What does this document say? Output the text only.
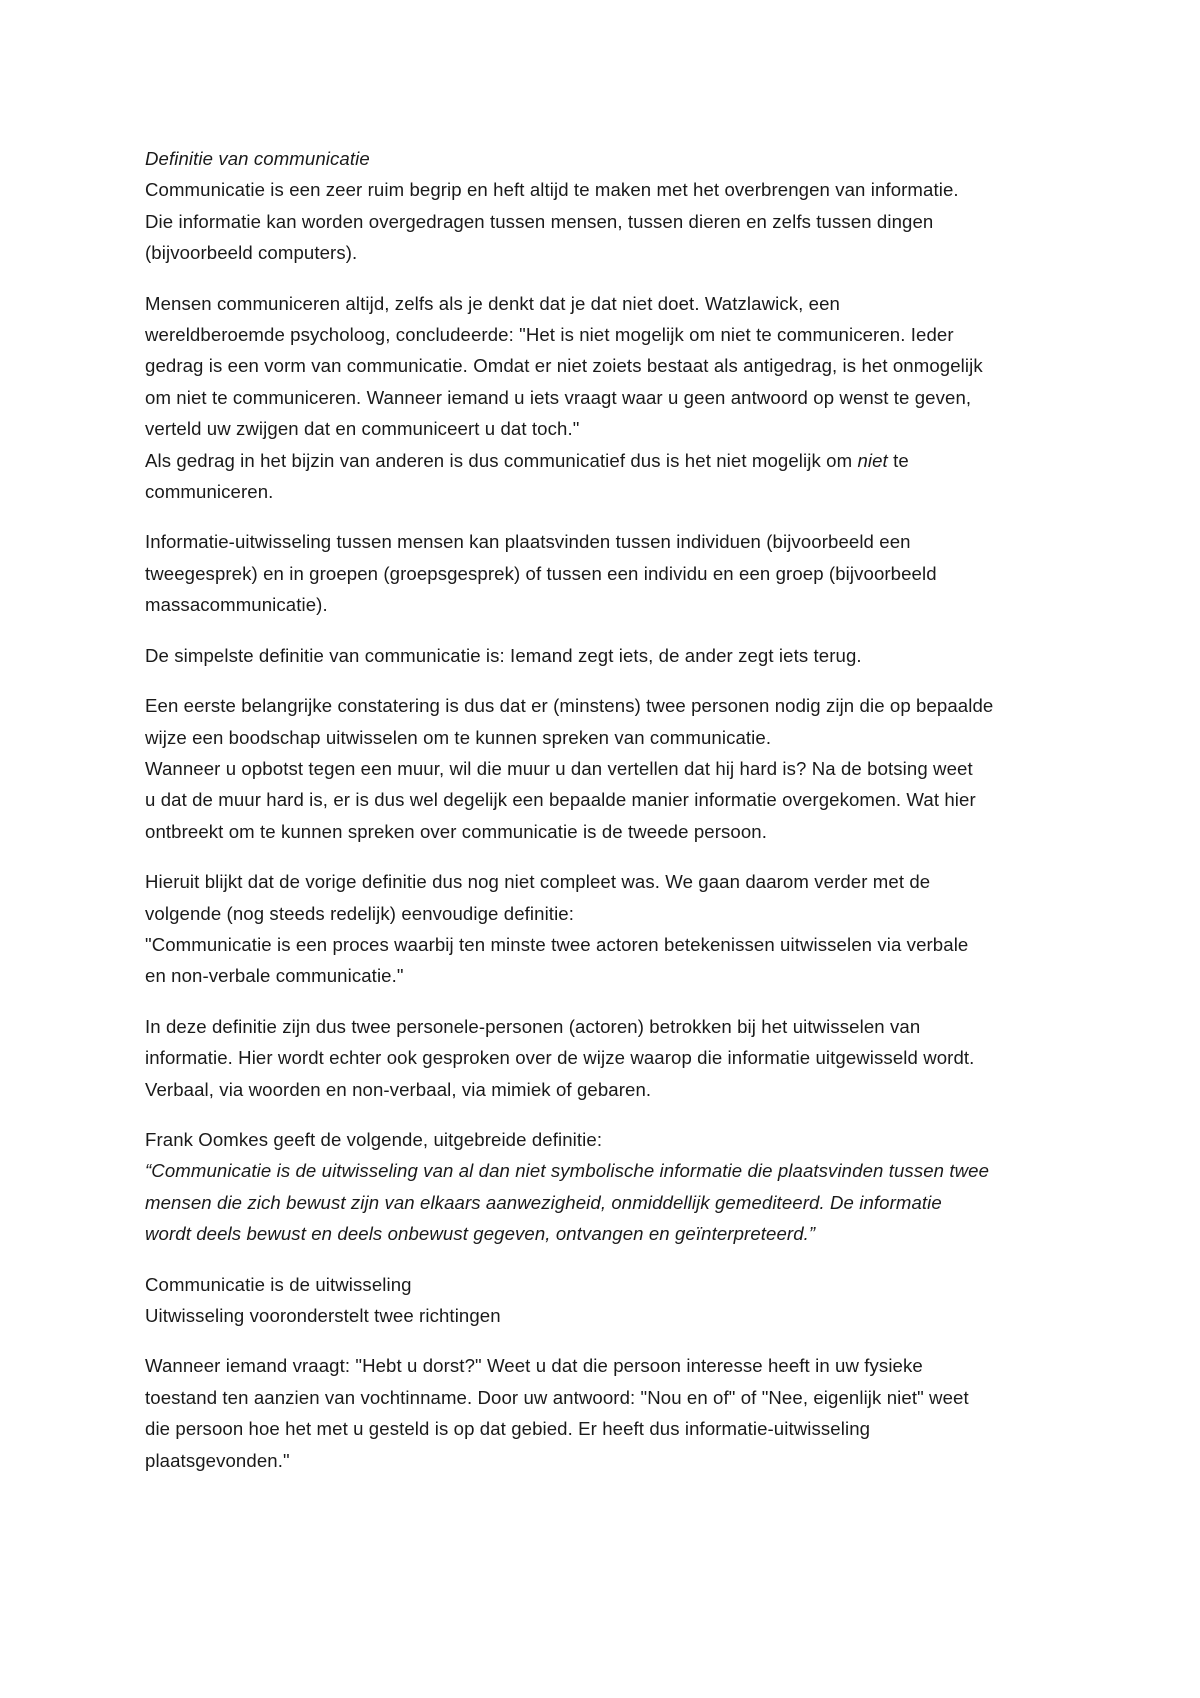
Definitie van communicatie
Communicatie is een zeer ruim begrip en heft altijd te maken met het overbrengen van informatie.
Die informatie kan worden overgedragen tussen mensen, tussen dieren en zelfs tussen dingen
(bijvoorbeeld computers).
Mensen communiceren altijd, zelfs als je denkt dat je dat niet doet. Watzlawick, een
wereldberoemde psycholoog, concludeerde: "Het is niet mogelijk om niet te communiceren. Ieder
gedrag is een vorm van communicatie. Omdat er niet zoiets bestaat als antigedrag, is het onmogelijk
om niet te communiceren. Wanneer iemand u iets vraagt waar u geen antwoord op wenst te geven,
verteld uw zwijgen dat en communiceert u dat toch."
Als gedrag in het bijzin van anderen is dus communicatief dus is het niet mogelijk om niet te
communiceren.
Informatie-uitwisseling tussen mensen kan plaatsvinden tussen individuen (bijvoorbeeld een
tweegesprek) en in groepen (groepsgesprek) of tussen een individu en een groep (bijvoorbeeld
massacommunicatie).
De simpelste definitie van communicatie is: Iemand zegt iets, de ander zegt iets terug.
Een eerste belangrijke constatering is dus dat er (minstens) twee personen nodig zijn die op bepaalde
wijze een boodschap uitwisselen om te kunnen spreken van communicatie.
Wanneer u opbotst tegen een muur, wil die muur u dan vertellen dat hij hard is? Na de botsing weet
u dat de muur hard is, er is dus wel degelijk een bepaalde manier informatie overgekomen. Wat hier
ontbreekt om te kunnen spreken over communicatie is de tweede persoon.
Hieruit blijkt dat de vorige definitie dus nog niet compleet was. We gaan daarom verder met de
volgende (nog steeds redelijk) eenvoudige definitie:
"Communicatie is een proces waarbij ten minste twee actoren betekenissen uitwisselen via verbale
en non-verbale communicatie."
In deze definitie zijn dus twee personele-personen (actoren) betrokken bij het uitwisselen van
informatie. Hier wordt echter ook gesproken over de wijze waarop die informatie uitgewisseld wordt.
Verbaal, via woorden en non-verbaal, via mimiek of gebaren.
Frank Oomkes geeft de volgende, uitgebreide definitie:
“Communicatie is de uitwisseling van al dan niet symbolische informatie die plaatsvinden tussen twee
mensen die zich bewust zijn van elkaars aanwezigheid, onmiddellijk gemediteerd. De informatie
wordt deels bewust en deels onbewust gegeven, ontvangen en geïnterpreteerd.”
Communicatie is de uitwisseling
Uitwisseling vooronderstelt twee richtingen
Wanneer iemand vraagt: "Hebt u dorst?" Weet u dat die persoon interesse heeft in uw fysieke
toestand ten aanzien van vochtinname. Door uw antwoord: "Nou en of" of "Nee, eigenlijk niet" weet
die persoon hoe het met u gesteld is op dat gebied. Er heeft dus informatie-uitwisseling
plaatsgevonden."
